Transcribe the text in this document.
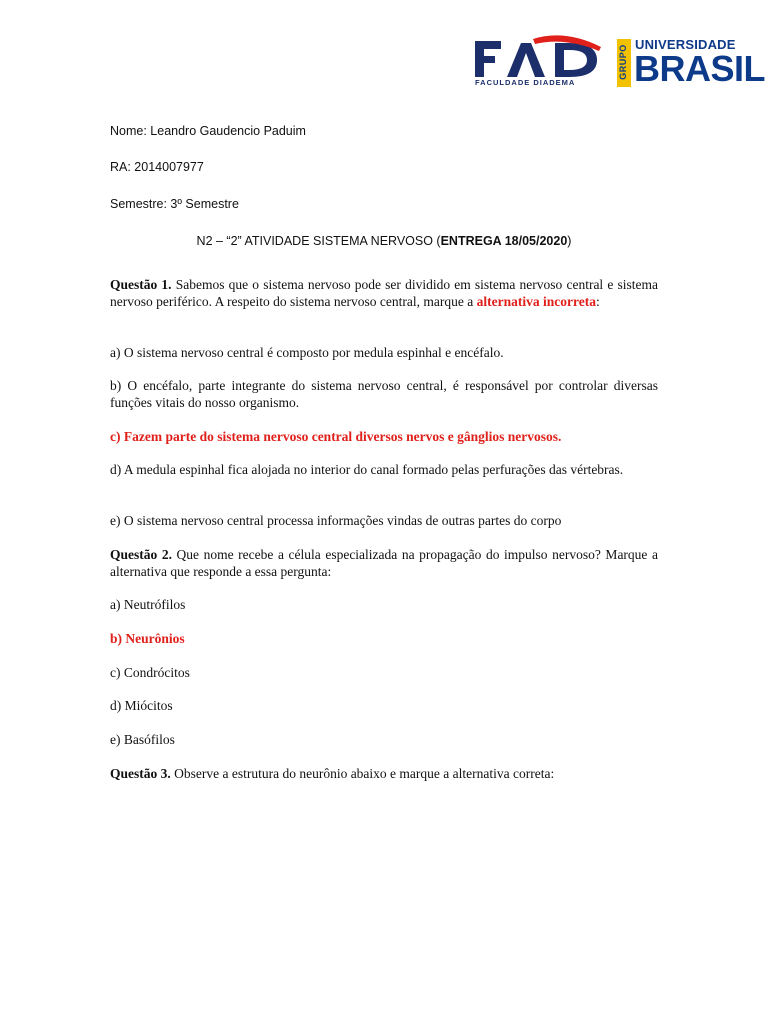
FACULDADE DIADEMA
GRUPO UNIVERSIDADE
BRASIL
Nome: Leandro Gaudencio Paduim
RA: 2014007977
Semestre: 3º Semestre
N2 – “2” ATIVIDADE SISTEMA NERVOSO (ENTREGA 18/05/2020)
Questão 1. Sabemos que o sistema nervoso pode ser dividido em sistema nervoso central e sistema nervoso periférico. A respeito do sistema nervoso central, marque a alternativa incorreta:
a) O sistema nervoso central é composto por medula espinhal e encéfalo.
b) O encéfalo, parte integrante do sistema nervoso central, é responsável por controlar diversas funções vitais do nosso organismo.
c) Fazem parte do sistema nervoso central diversos nervos e gânglios nervosos.
d) A medula espinhal fica alojada no interior do canal formado pelas perfurações das vértebras.
e) O sistema nervoso central processa informações vindas de outras partes do corpo
Questão 2. Que nome recebe a célula especializada na propagação do impulso nervoso? Marque a alternativa que responde a essa pergunta:
a) Neutrófilos
b) Neurônios
c) Condrócitos
d) Miócitos
e) Basófilos
Questão 3. Observe a estrutura do neurônio abaixo e marque a alternativa correta:
